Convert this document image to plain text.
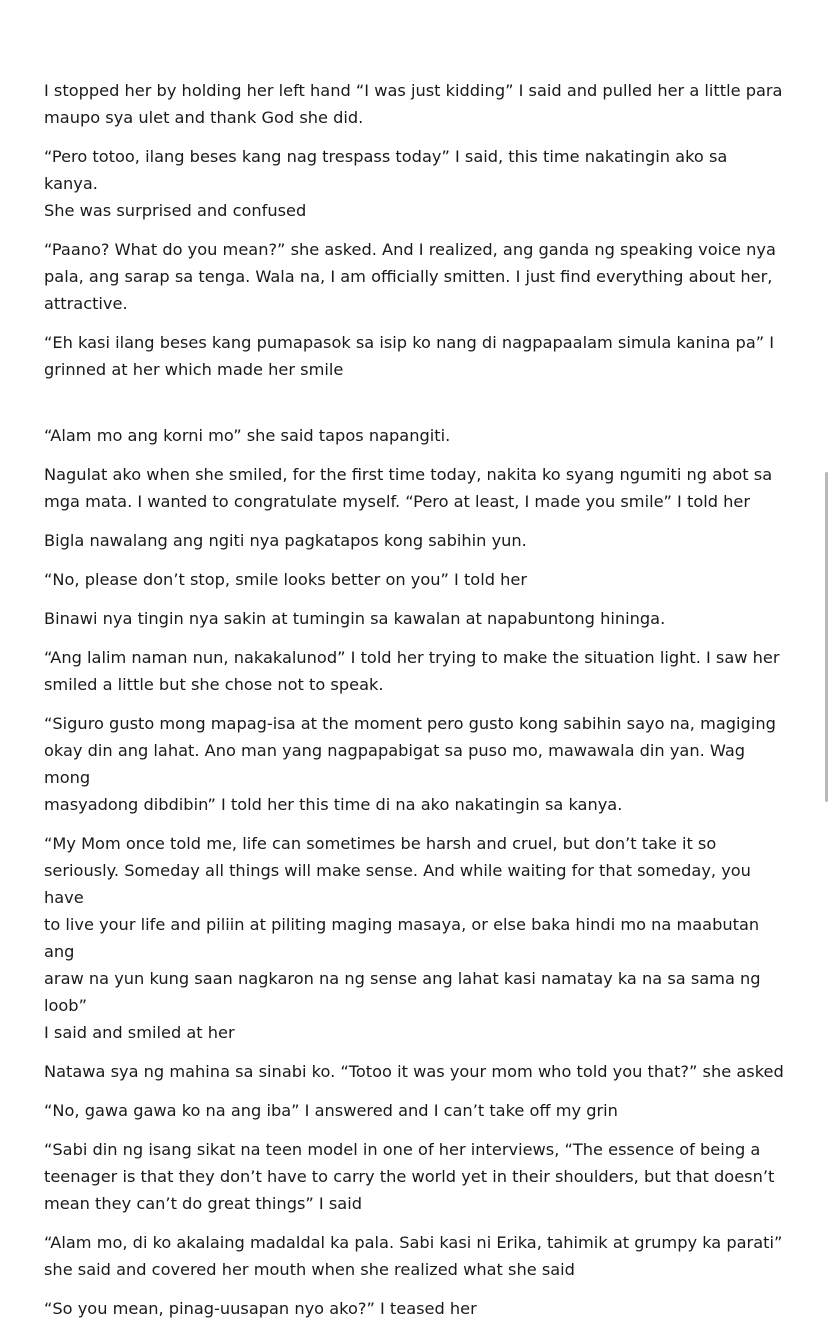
I stopped her by holding her left hand “I was just kidding” I said and pulled her a little para
maupo sya ulet and thank God she did.

“Pero totoo, ilang beses kang nag trespass today” I said, this time nakatingin ako sa kanya.
She was surprised and confused

“Paano? What do you mean?” she asked. And I realized, ang ganda ng speaking voice nya
pala, ang sarap sa tenga. Wala na, I am officially smitten. I just find everything about her,
attractive.

“Eh kasi ilang beses kang pumapasok sa isip ko nang di nagpapaalam simula kanina pa” I
grinned at her which made her smile

“Alam mo ang korni mo” she said tapos napangiti.

Nagulat ako when she smiled, for the first time today, nakita ko syang ngumiti ng abot sa
mga mata. I wanted to congratulate myself. “Pero at least, I made you smile” I told her

Bigla nawalang ang ngiti nya pagkatapos kong sabihin yun.

“No, please don’t stop, smile looks better on you” I told her

Binawi nya tingin nya sakin at tumingin sa kawalan at napabuntong hininga.

“Ang lalim naman nun, nakakalunod” I told her trying to make the situation light. I saw her
smiled a little but she chose not to speak.

“Siguro gusto mong mapag-isa at the moment pero gusto kong sabihin sayo na, magiging
okay din ang lahat. Ano man yang nagpapabigat sa puso mo, mawawala din yan. Wag mong
masyadong dibdibin” I told her this time di na ako nakatingin sa kanya.

“My Mom once told me, life can sometimes be harsh and cruel, but don’t take it so
seriously. Someday all things will make sense. And while waiting for that someday, you have
to live your life and piliin at piliting maging masaya, or else baka hindi mo na maabutan ang
araw na yun kung saan nagkaron na ng sense ang lahat kasi namatay ka na sa sama ng loob”
I said and smiled at her

Natawa sya ng mahina sa sinabi ko. “Totoo it was your mom who told you that?” she asked

“No, gawa gawa ko na ang iba” I answered and I can’t take off my grin

“Sabi din ng isang sikat na teen model in one of her interviews, “The essence of being a
teenager is that they don’t have to carry the world yet in their shoulders, but that doesn’t
mean they can’t do great things” I said

“Alam mo, di ko akalaing madaldal ka pala. Sabi kasi ni Erika, tahimik at grumpy ka parati”
she said and covered her mouth when she realized what she said

“So you mean, pinag-uusapan nyo ako?” I teased her
